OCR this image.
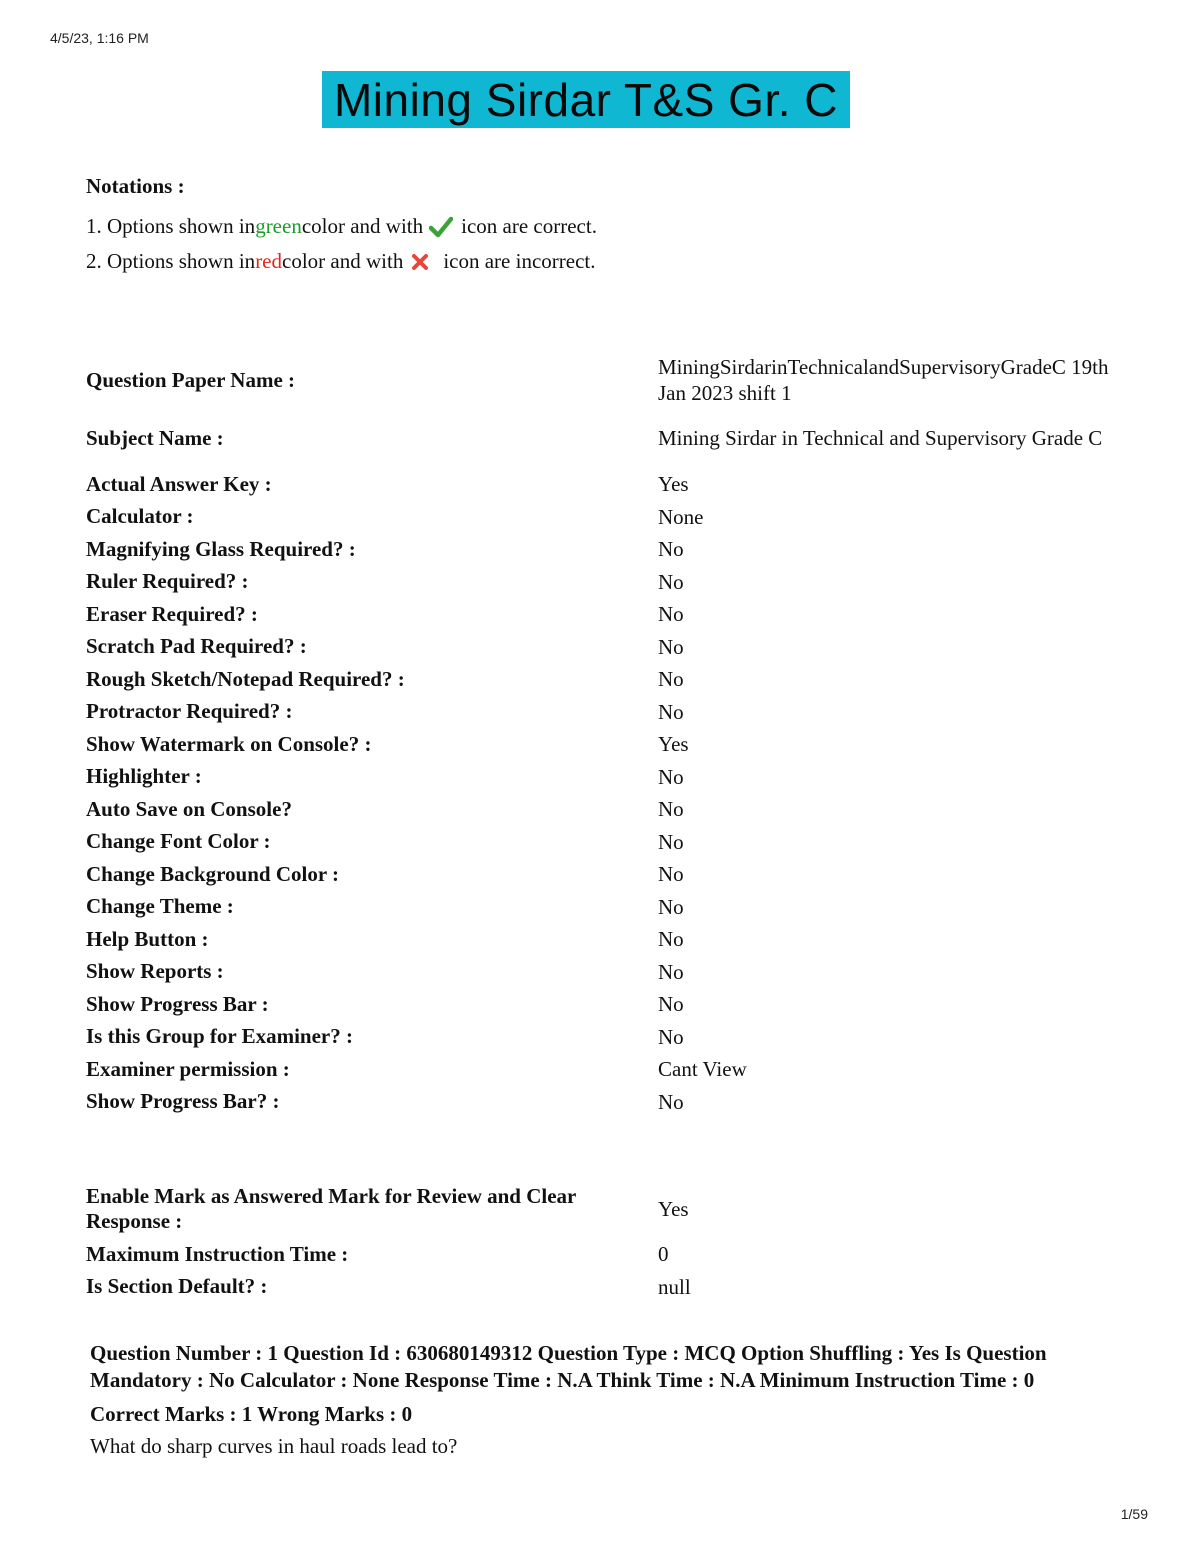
4/5/23, 1:16 PM
Mining Sirdar T&S Gr. C
Notations :
1. Options shown in green color and with icon are correct.
2. Options shown in red color and with icon are incorrect.
Question Paper Name :	MiningSirdarinTechnicalandSupervisoryGradeC 19th Jan 2023 shift 1
Subject Name :	Mining Sirdar in Technical and Supervisory Grade C
Actual Answer Key :	Yes
Calculator :	None
Magnifying Glass Required? :	No
Ruler Required? :	No
Eraser Required? :	No
Scratch Pad Required? :	No
Rough Sketch/Notepad Required? :	No
Protractor Required? :	No
Show Watermark on Console? :	Yes
Highlighter :	No
Auto Save on Console?	No
Change Font Color :	No
Change Background Color :	No
Change Theme :	No
Help Button :	No
Show Reports :	No
Show Progress Bar :	No
Is this Group for Examiner? :	No
Examiner permission :	Cant View
Show Progress Bar? :	No
Enable Mark as Answered Mark for Review and Clear Response :	Yes
Maximum Instruction Time :	0
Is Section Default? :	null
Question Number : 1 Question Id : 630680149312 Question Type : MCQ Option Shuffling : Yes Is Question Mandatory : No Calculator : None Response Time : N.A Think Time : N.A Minimum Instruction Time : 0
Correct Marks : 1 Wrong Marks : 0
What do sharp curves in haul roads lead to?
1/59
